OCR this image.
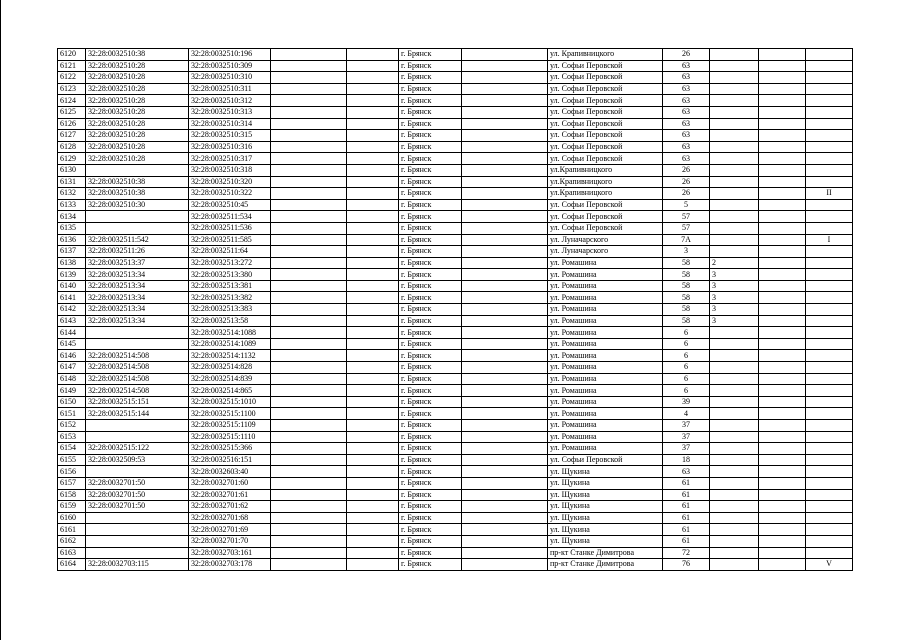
6120	32:28:0032510:38	32:28:0032510:196			г. Брянск		ул. Крапивницкого	26			
6121	32:28:0032510:28	32:28:0032510:309			г. Брянск		ул. Софьи Перовской	63			
6122	32:28:0032510:28	32:28:0032510:310			г. Брянск		ул. Софьи Перовской	63			
6123	32:28:0032510:28	32:28:0032510:311			г. Брянск		ул. Софьи Перовской	63			
6124	32:28:0032510:28	32:28:0032510:312			г. Брянск		ул. Софьи Перовской	63			
6125	32:28:0032510:28	32:28:0032510:313			г. Брянск		ул. Софьи Перовской	63			
6126	32:28:0032510:28	32:28:0032510:314			г. Брянск		ул. Софьи Перовской	63			
6127	32:28:0032510:28	32:28:0032510:315			г. Брянск		ул. Софьи Перовской	63			
6128	32:28:0032510:28	32:28:0032510:316			г. Брянск		ул. Софьи Перовской	63			
6129	32:28:0032510:28	32:28:0032510:317			г. Брянск		ул. Софьи Перовской	63			
6130		32:28:0032510:318			г. Брянск		ул.Крапивницкого	26			
6131	32:28:0032510:38	32:28:0032510:320			г. Брянск		ул.Крапивницкого	26			
6132	32:28:0032510:38	32:28:0032510:322			г. Брянск		ул.Крапивницкого	26			II
6133	32:28:0032510:30	32:28:0032510:45			г. Брянск		ул. Софьи Перовской	5			
6134		32:28:0032511:534			г. Брянск		ул. Софьи Перовской	57			
6135		32:28:0032511:536			г. Брянск		ул. Софьи Перовской	57			
6136	32:28:0032511:542	32:28:0032511:585			г. Брянск		ул. Луначарского	7А			I
6137	32:28:0032511:26	32:28:0032511:64			г. Брянск		ул. Луначарского	3			
6138	32:28:0032513:37	32:28:0032513:272			г. Брянск		ул. Ромашина	58	2		
6139	32:28:0032513:34	32:28:0032513:380			г. Брянск		ул. Ромашина	58	3		
6140	32:28:0032513:34	32:28:0032513:381			г. Брянск		ул. Ромашина	58	3		
6141	32:28:0032513:34	32:28:0032513:382			г. Брянск		ул. Ромашина	58	3		
6142	32:28:0032513:34	32:28:0032513:383			г. Брянск		ул. Ромашина	58	3		
6143	32:28:0032513:34	32:28:0032513:58			г. Брянск		ул. Ромашина	58	3		
6144		32:28:0032514:1088			г. Брянск		ул. Ромашина	6			
6145		32:28:0032514:1089			г. Брянск		ул. Ромашина	6			
6146	32:28:0032514:508	32:28:0032514:1132			г. Брянск		ул. Ромашина	6			
6147	32:28:0032514:508	32:28:0032514:828			г. Брянск		ул. Ромашина	6			
6148	32:28:0032514:508	32:28:0032514:839			г. Брянск		ул. Ромашина	6			
6149	32:28:0032514:508	32:28:0032514:865			г. Брянск		ул. Ромашина	6			
6150	32:28:0032515:151	32:28:0032515:1010			г. Брянск		ул. Ромашина	39			
6151	32:28:0032515:144	32:28:0032515:1100			г. Брянск		ул. Ромашина	4			
6152		32:28:0032515:1109			г. Брянск		ул. Ромашина	37			
6153		32:28:0032515:1110			г. Брянск		ул. Ромашина	37			
6154	32:28:0032515:122	32:28:0032515:366			г. Брянск		ул. Ромашина	37			
6155	32:28:0032509:53	32:28:0032516:151			г. Брянск		ул. Софьи Перовской	18			
6156		32:28:0032603:40			г. Брянск		ул. Щукина	63			
6157	32:28:0032701:50	32:28:0032701:60			г. Брянск		ул. Щукина	61			
6158	32:28:0032701:50	32:28:0032701:61			г. Брянск		ул. Щукина	61			
6159	32:28:0032701:50	32:28:0032701:62			г. Брянск		ул. Щукина	61			
6160		32:28:0032701:68			г. Брянск		ул. Щукина	61			
6161		32:28:0032701:69			г. Брянск		ул. Щукина	61			
6162		32:28:0032701:70			г. Брянск		ул. Щукина	61			
6163		32:28:0032703:161			г. Брянск		пр-кт Станке Димитрова	72			
6164	32:28:0032703:115	32:28:0032703:178			г. Брянск		пр-кт Станке Димитрова	76			V
